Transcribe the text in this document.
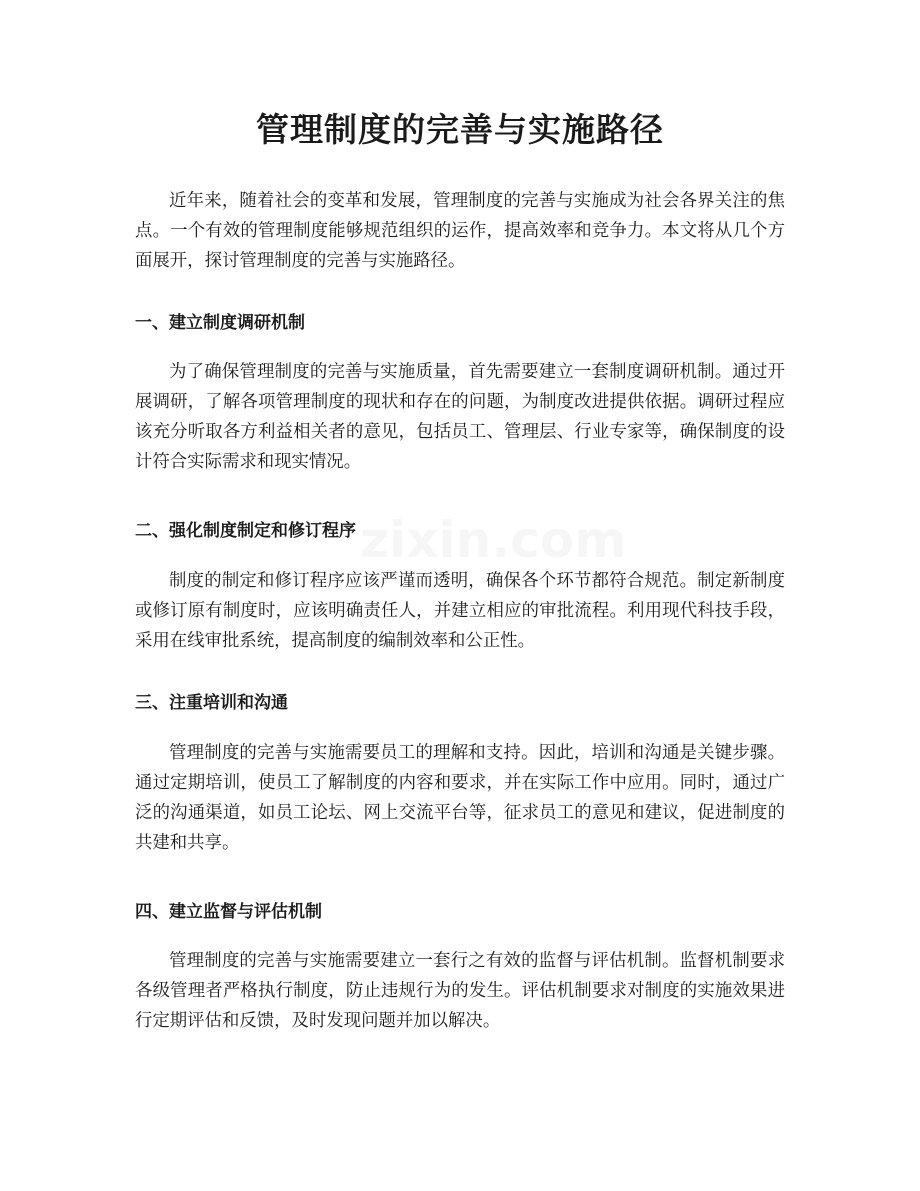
管理制度的完善与实施路径

近年来，随着社会的变革和发展，管理制度的完善与实施成为社会各界关注的焦点。一个有效的管理制度能够规范组织的运作，提高效率和竞争力。本文将从几个方面展开，探讨管理制度的完善与实施路径。

一、建立制度调研机制

为了确保管理制度的完善与实施质量，首先需要建立一套制度调研机制。通过开展调研，了解各项管理制度的现状和存在的问题，为制度改进提供依据。调研过程应该充分听取各方利益相关者的意见，包括员工、管理层、行业专家等，确保制度的设计符合实际需求和现实情况。

二、强化制度制定和修订程序

制度的制定和修订程序应该严谨而透明，确保各个环节都符合规范。制定新制度或修订原有制度时，应该明确责任人，并建立相应的审批流程。利用现代科技手段，采用在线审批系统，提高制度的编制效率和公正性。

三、注重培训和沟通

管理制度的完善与实施需要员工的理解和支持。因此，培训和沟通是关键步骤。通过定期培训，使员工了解制度的内容和要求，并在实际工作中应用。同时，通过广泛的沟通渠道，如员工论坛、网上交流平台等，征求员工的意见和建议，促进制度的共建和共享。

四、建立监督与评估机制

管理制度的完善与实施需要建立一套行之有效的监督与评估机制。监督机制要求各级管理者严格执行制度，防止违规行为的发生。评估机制要求对制度的实施效果进行定期评估和反馈，及时发现问题并加以解决。
